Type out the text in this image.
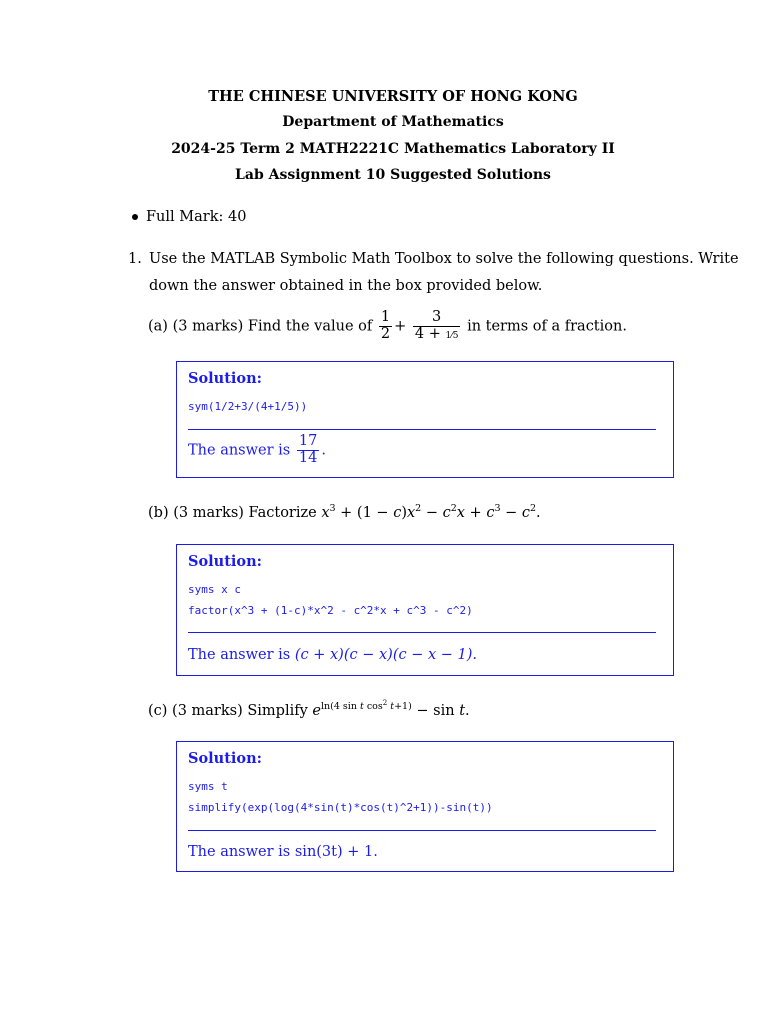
THE CHINESE UNIVERSITY OF HONG KONG
Department of Mathematics
2024-25 Term 2 MATH2221C Mathematics Laboratory II
Lab Assignment 10 Suggested Solutions
Full Mark: 40
1. Use the MATLAB Symbolic Math Toolbox to solve the following questions. Write
down the answer obtained in the box provided below.
(a) (3 marks) Find the value of $\frac{1}{2} + \frac{3}{4 + 1⁄5}$ in terms of a fraction.
Solution:
sym(1/2+3/(4+1/5))
The answer is $\frac{17}{14}$ .
(b) (3 marks) Factorize $x^3 + (1 - c)x^2 - c^2x + c^3 - c^2$.
Solution:
syms x c
factor(x^3 + (1-c)*x^2 - c^2*x + c^3 - c^2)
The answer is (c + x)(c − x)(c − x − 1).
(c) (3 marks) Simplify $e^{ln(4 sin t cos^2 t+1)} - \sin t$.
Solution:
syms t
simplify(exp(log(4*sin(t)*cos(t)^2+1))-sin(t))
The answer is sin(3t) + 1.
